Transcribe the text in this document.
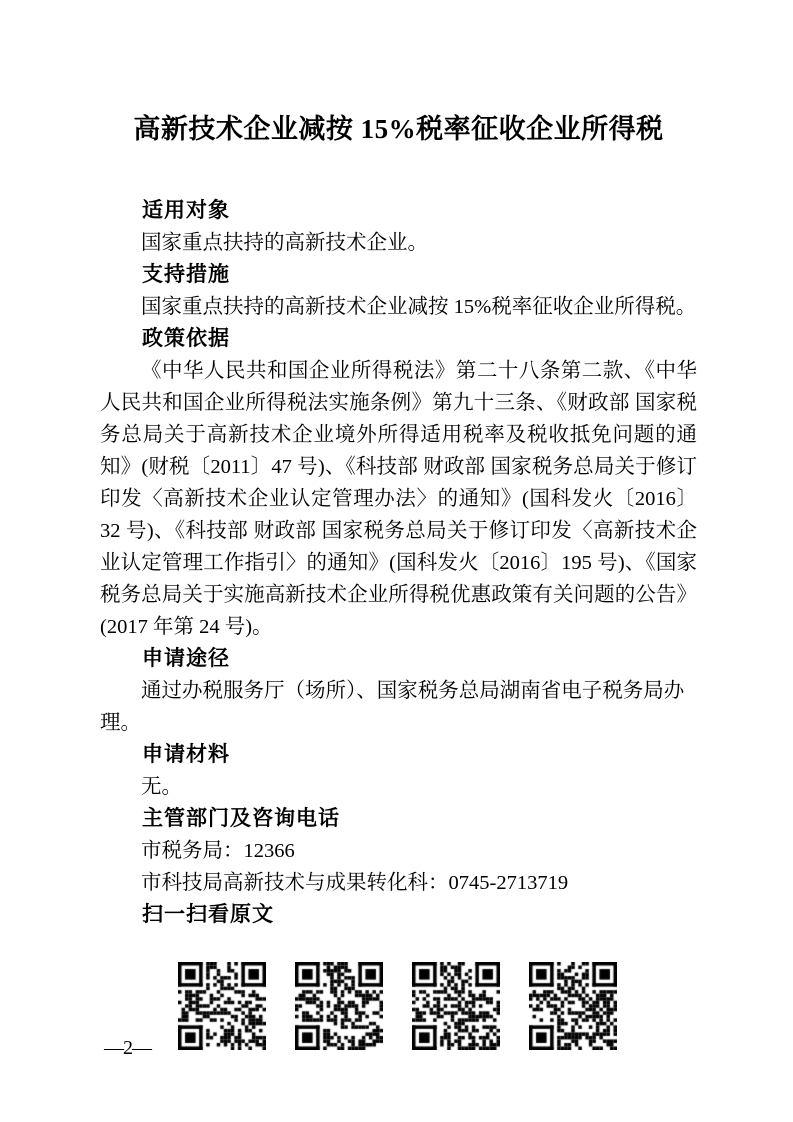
高新技术企业减按 15%税率征收企业所得税
适用对象

国家重点扶持的高新技术企业。

支持措施

国家重点扶持的高新技术企业减按 15%税率征收企业所得税。

政策依据

《中华人民共和国企业所得税法》第二十八条第二款、《中华人民共和国企业所得税法实施条例》第九十三条、《财政部 国家税务总局关于高新技术企业境外所得适用税率及税收抵免问题的通知》(财税〔2011〕47 号)、《科技部 财政部 国家税务总局关于修订印发〈高新技术企业认定管理办法〉的通知》(国科发火〔2016〕32 号)、《科技部 财政部 国家税务总局关于修订印发〈高新技术企业认定管理工作指引〉的通知》(国科发火〔2016〕195 号)、《国家税务总局关于实施高新技术企业所得税优惠政策有关问题的公告》(2017 年第 24 号)。

申请途径

通过办税服务厅（场所）、国家税务总局湖南省电子税务局办理。

申请材料

无。

主管部门及咨询电话

市税务局：12366

市科技局高新技术与成果转化科：0745-2713719

扫一扫看原文
—2—
